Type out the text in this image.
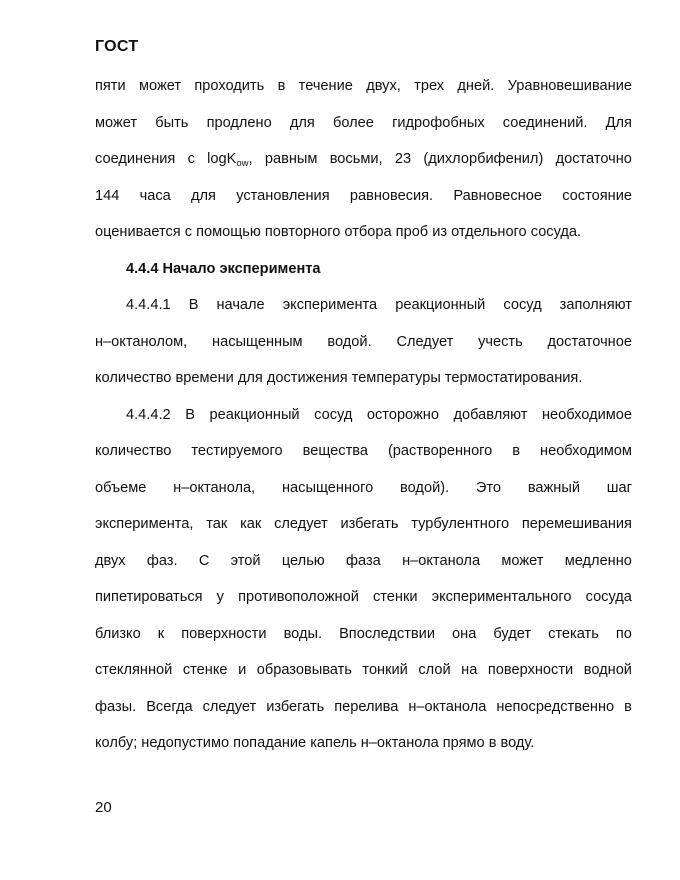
ГОСТ
пяти может проходить в течение двух, трех дней. Уравновешивание
может быть продлено для более гидрофобных соединений. Для
соединения с logK$_{ow}$, равным восьми, 23 (дихлорбифенил) достаточно
144 часа для установления равновесия. Равновесное состояние
оценивается с помощью повторного отбора проб из отдельного сосуда.
4.4.4 Начало эксперимента
4.4.4.1 В начале эксперимента реакционный сосуд заполняют
н–октанолом, насыщенным водой. Следует учесть достаточное
количество времени для достижения температуры термостатирования.
4.4.4.2 В реакционный сосуд осторожно добавляют необходимое
количество тестируемого вещества (растворенного в необходимом
объеме н–октанола, насыщенного водой). Это важный шаг
эксперимента, так как следует избегать турбулентного перемешивания
двух фаз. С этой целью фаза н–октанола может медленно
пипетироваться у противоположной стенки экспериментального сосуда
близко к поверхности воды. Впоследствии она будет стекать по
стеклянной стенке и образовывать тонкий слой на поверхности водной
фазы. Всегда следует избегать перелива н–октанола непосредственно в
колбу; недопустимо попадание капель н–октанола прямо в воду.
20
